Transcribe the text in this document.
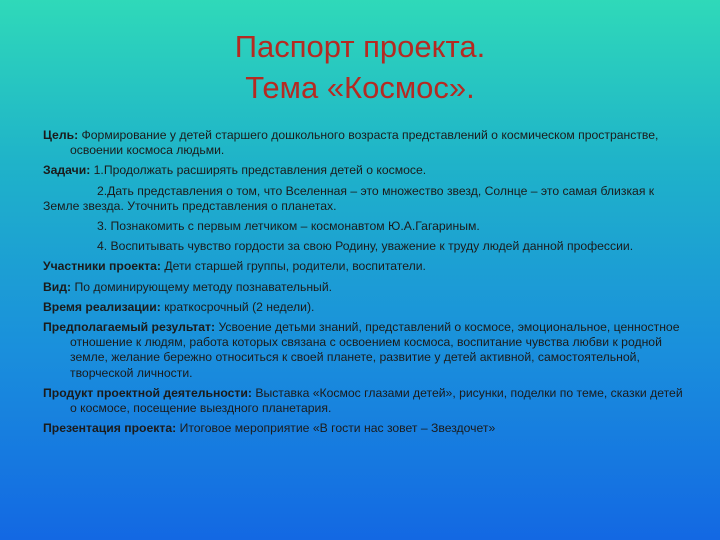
Паспорт проекта.
Тема «Космос».

Цель: Формирование у детей старшего дошкольного возраста представлений о космическом пространстве, освоении космоса людьми.

Задачи: 1.Продолжать расширять представления детей о космосе.

2.Дать представления о том, что Вселенная – это множество звезд, Солнце – это самая близкая к Земле звезда. Уточнить представления о планетах.

3. Познакомить с первым летчиком – космонавтом Ю.А.Гагариным.

4. Воспитывать чувство гордости за свою Родину, уважение к труду людей данной профессии.

Участники проекта: Дети старшей группы, родители, воспитатели.

Вид: По доминирующему методу познавательный.

Время реализации: краткосрочный (2 недели).

Предполагаемый результат: Усвоение детьми знаний, представлений о космосе, эмоциональное, ценностное отношение к людям, работа которых связана с освоением космоса, воспитание чувства любви к родной земле, желание бережно относиться к своей планете, развитие у детей активной, самостоятельной, творческой личности.

Продукт проектной деятельности: Выставка «Космос глазами детей», рисунки, поделки по теме, сказки детей о космосе, посещение выездного планетария.

Презентация проекта: Итоговое мероприятие «В гости нас зовет – Звездочет»
